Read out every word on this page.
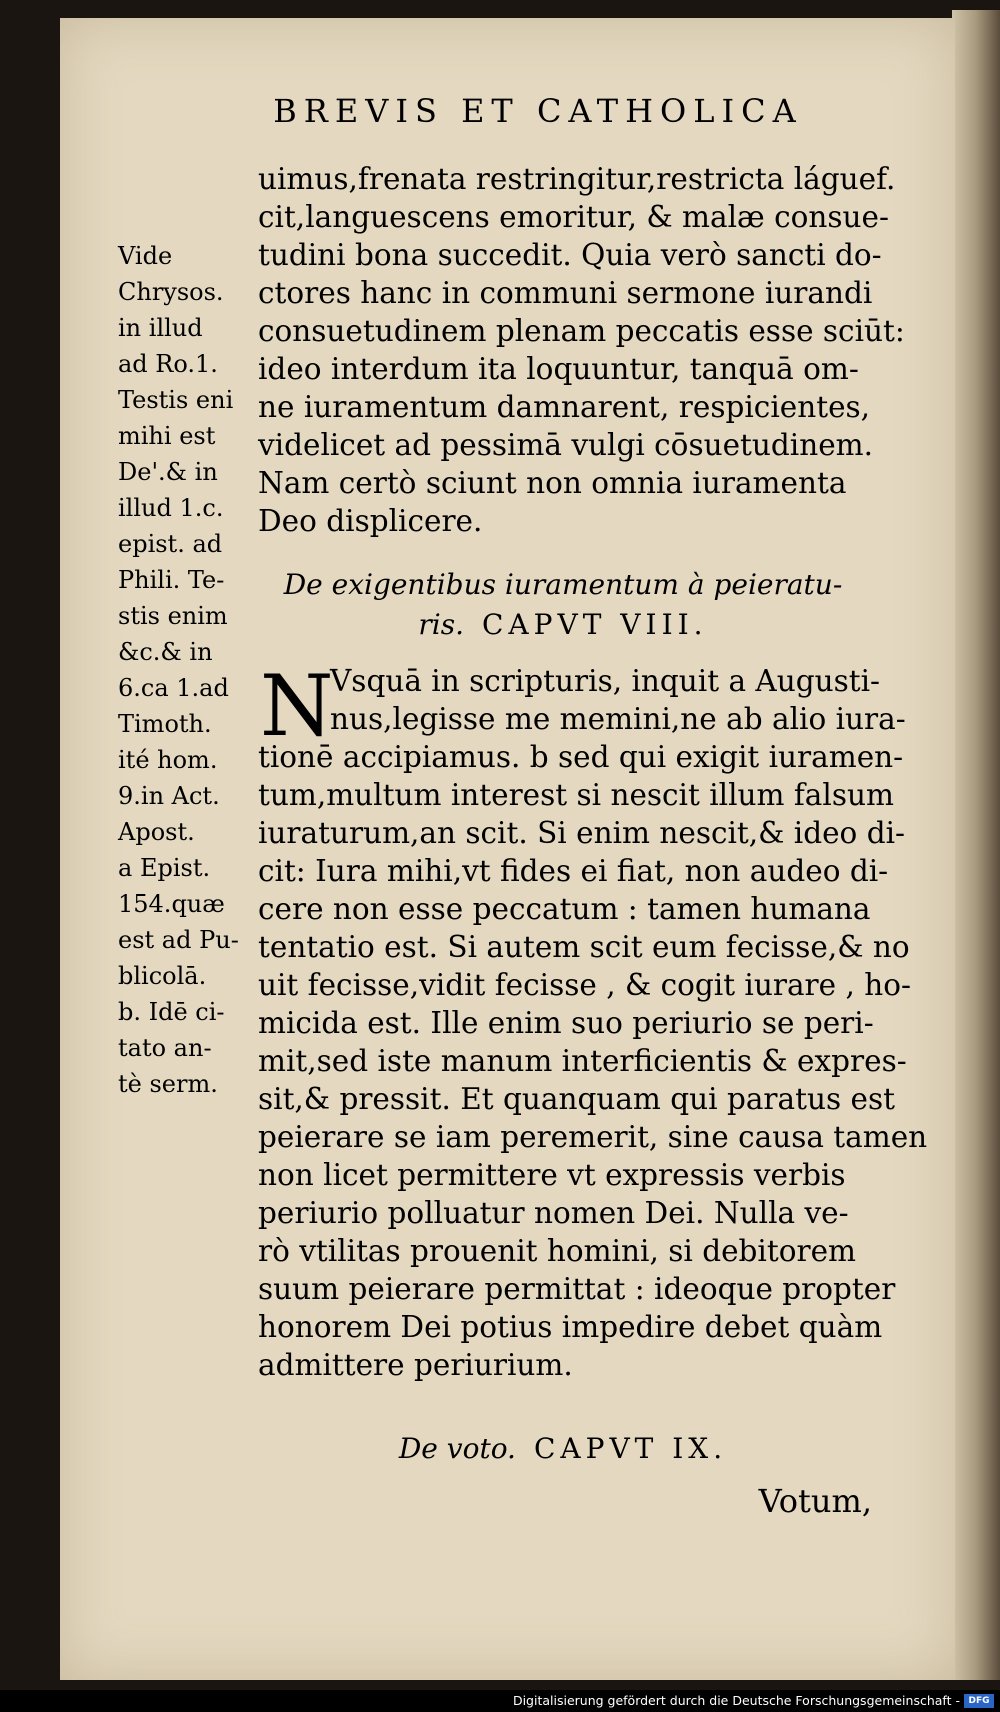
BREVIS ET CATHOLICA
Vide
Chrysos.
in illud
ad Ro.1.
Testis eni
mihi est
De'.& in
illud 1.c.
epist. ad
Phili. Te-
stis enim
&c.& in
6.ca 1.ad
Timoth.
ité hom.
9.in Act.
Apost.
a Epist.
154.quæ
est ad Pu-
blicolā.
b. Idē ci-
tato an-
tè serm.
uimus,frenata restringitur,restricta láguef.
cit,languescens emoritur, & malæ consue-
tudini bona succedit. Quia verò sancti do-
ctores hanc in communi sermone iurandi
consuetudinem plenam peccatis esse sciūt:
ideo interdum ita loquuntur, tanquā om-
ne iuramentum damnarent, respicientes,
videlicet ad pessimā vulgi cōsuetudinem.
Nam certò sciunt non omnia iuramenta
Deo displicere.
De exigentibus iuramentum à peieratu-
ris. CAPVT VIII.
N
Vsquā in scripturis, inquit a Augusti-
nus,legisse me memini,ne ab alio iura-
tionē accipiamus. b sed qui exigit iuramen-
tum,multum interest si nescit illum falsum
iuraturum,an scit. Si enim nescit,& ideo di-
cit: Iura mihi,vt fides ei fiat, non audeo di-
cere non esse peccatum : tamen humana
tentatio est. Si autem scit eum fecisse,& no
uit fecisse,vidit fecisse , & cogit iurare , ho-
micida est. Ille enim suo periurio se peri-
mit,sed iste manum interficientis & expres-
sit,& pressit. Et quanquam qui paratus est
peierare se iam peremerit, sine causa tamen
non licet permittere vt expressis verbis
periurio polluatur nomen Dei. Nulla ve-
rò vtilitas prouenit homini, si debitorem
suum peierare permittat : ideoque propter
honorem Dei potius impedire debet quàm
admittere periurium.
De voto. CAPVT IX.
Votum,
Digitalisierung gefördert durch die Deutsche Forschungsgemeinschaft - DFG
